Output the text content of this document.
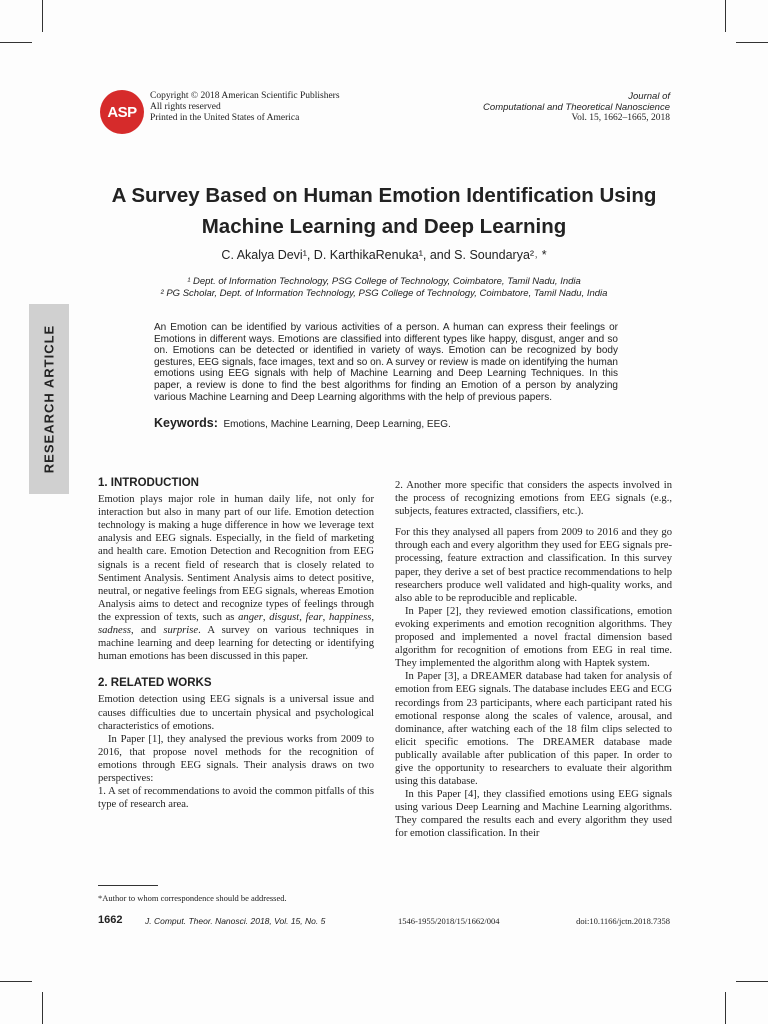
ASP
Copyright © 2018 American Scientific Publishers
All rights reserved
Printed in the United States of America
Journal of
Computational and Theoretical Nanoscience
Vol. 15, 1662–1665, 2018
A Survey Based on Human Emotion Identification Using
Machine Learning and Deep Learning
C. Akalya Devi¹, D. KarthikaRenuka¹, and S. Soundarya²˒ *
¹ Dept. of Information Technology, PSG College of Technology, Coimbatore, Tamil Nadu, India
² PG Scholar, Dept. of Information Technology, PSG College of Technology, Coimbatore, Tamil Nadu, India
RESEARCH ARTICLE	An Emotion can be identified by various activities of a person. A human can express their feelings or Emotions in different ways. Emotions are classified into different types like happy, disgust, anger and so on. Emotions can be detected or identified in variety of ways. Emotion can be recognized by body gestures, EEG signals, face images, text and so on. A survey or review is made on identifying the human emotions using EEG signals with help of Machine Learning and Deep Learning Techniques. In this paper, a review is done to find the best algorithms for finding an Emotion of a person by analyzing various Machine Learning and Deep Learning algorithms with the help of previous papers.
Keywords: Emotions, Machine Learning, Deep Learning, EEG.
1. INTRODUCTION

Emotion plays major role in human daily life, not only for interaction but also in many part of our life. Emotion detection technology is making a huge difference in how we leverage text analysis and EEG signals. Especially, in the field of marketing and health care. Emotion Detection and Recognition from EEG signals is a recent field of research that is closely related to Sentiment Analysis. Sentiment Analysis aims to detect positive, neutral, or negative feelings from EEG signals, whereas Emotion Analysis aims to detect and recognize types of feelings through the expression of texts, such as anger, disgust, fear, happiness, sadness, and surprise. A survey on various techniques in machine learning and deep learning for detecting or identifying human emotions has been discussed in this paper.

2. RELATED WORKS

Emotion detection using EEG signals is a universal issue and causes difficulties due to uncertain physical and psychological characteristics of emotions.

In Paper [1], they analysed the previous works from 2009 to 2016, that propose novel methods for the recognition of emotions through EEG signals. Their analysis draws on two perspectives:

1. A set of recommendations to avoid the common pitfalls of this type of research area.

2. Another more specific that considers the aspects involved in the process of recognizing emotions from EEG signals (e.g., subjects, features extracted, classifiers, etc.).

For this they analysed all papers from 2009 to 2016 and they go through each and every algorithm they used for EEG signals pre-processing, feature extraction and classification. In this survey paper, they derive a set of best practice recommendations to help researchers produce well validated and high-quality works, and also able to be reproducible and replicable.

In Paper [2], they reviewed emotion classifications, emotion evoking experiments and emotion recognition algorithms. They proposed and implemented a novel fractal dimension based algorithm for recognition of emotions from EEG in real time. They implemented the algorithm along with Haptek system.

In Paper [3], a DREAMER database had taken for analysis of emotion from EEG signals. The database includes EEG and ECG recordings from 23 participants, where each participant rated his emotional response along the scales of valence, arousal, and dominance, after watching each of the 18 film clips selected to elicit specific emotions. The DREAMER database made publically available after publication of this paper. In order to give the opportunity to researchers to evaluate their algorithm using this database.

In this Paper [4], they classified emotions using EEG signals using various Deep Learning and Machine Learning algorithms. They compared the results each and every algorithm they used for emotion classification. In their

*Author to whom correspondence should be addressed.
1662	J. Comput. Theor. Nanosci. 2018, Vol. 15, No. 5	1546-1955/2018/15/1662/004	doi:10.1166/jctn.2018.7358
